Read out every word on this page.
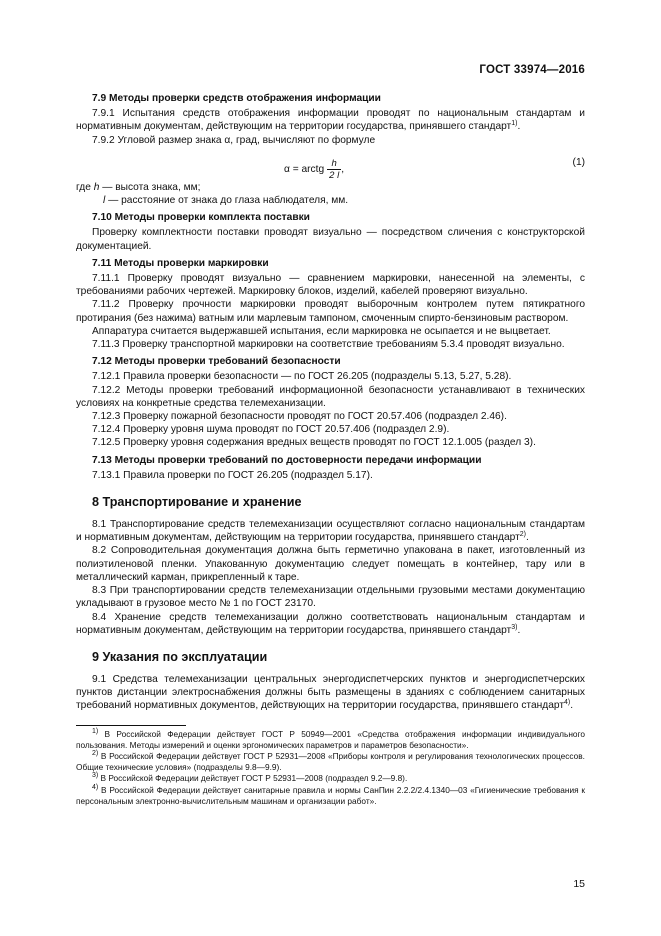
ГОСТ 33974—2016

7.9 Методы проверки средств отображения информации

7.9.1 Испытания средств отображения информации проводят по национальным стандартам и нормативным документам, действующим на территории государства, принявшего стандарт$^{1)}$.

7.9.2 Угловой размер знака α, град, вычисляют по формуле

α = arctg $\frac{h}{2 l}$ ,
(1)

где h — высота знака, мм;

l — расстояние от знака до глаза наблюдателя, мм.

7.10 Методы проверки комплекта поставки

Проверку комплектности поставки проводят визуально — посредством сличения с конструкторской документацией.

7.11 Методы проверки маркировки

7.11.1 Проверку проводят визуально — сравнением маркировки, нанесенной на элементы, с требованиями рабочих чертежей. Маркировку блоков, изделий, кабелей проверяют визуально.

7.11.2 Проверку прочности маркировки проводят выборочным контролем путем пятикратного протирания (без нажима) ватным или марлевым тампоном, смоченным спирто-бензиновым раствором.

Аппаратура считается выдержавшей испытания, если маркировка не осыпается и не выцветает.

7.11.3 Проверку транспортной маркировки на соответствие требованиям 5.3.4 проводят визуально.

7.12 Методы проверки требований безопасности

7.12.1 Правила проверки безопасности — по ГОСТ 26.205 (подразделы 5.13, 5.27, 5.28).

7.12.2 Методы проверки требований информационной безопасности устанавливают в технических условиях на конкретные средства телемеханизации.

7.12.3 Проверку пожарной безопасности проводят по ГОСТ 20.57.406 (подраздел 2.46).

7.12.4 Проверку уровня шума проводят по ГОСТ 20.57.406 (подраздел 2.9).

7.12.5 Проверку уровня содержания вредных веществ проводят по ГОСТ 12.1.005 (раздел 3).

7.13 Методы проверки требований по достоверности передачи информации

7.13.1 Правила проверки по ГОСТ 26.205 (подраздел 5.17).

8 Транспортирование и хранение

8.1 Транспортирование средств телемеханизации осуществляют согласно национальным стандартам и нормативным документам, действующим на территории государства, принявшего стандарт$^{2)}$.

8.2 Сопроводительная документация должна быть герметично упакована в пакет, изготовленный из полиэтиленовой пленки. Упакованную документацию следует помещать в контейнер, тару или в металлический карман, прикрепленный к таре.

8.3 При транспортировании средств телемеханизации отдельными грузовыми местами документацию укладывают в грузовое место № 1 по ГОСТ 23170.

8.4 Хранение средств телемеханизации должно соответствовать национальным стандартам и нормативным документам, действующим на территории государства, принявшего стандарт$^{3)}$.

9 Указания по эксплуатации

9.1 Средства телемеханизации центральных энергодиспетчерских пунктов и энергодиспетчерских пунктов дистанции электроснабжения должны быть размещены в зданиях с соблюдением санитарных требований нормативных документов, действующих на территории государства, принявшего стандарт$^{4)}$.

$^{1)}$ В Российской Федерации действует ГОСТ Р 50949—2001 «Средства отображения информации индивидуального пользования. Методы измерений и оценки эргономических параметров и параметров безопасности».

$^{2)}$ В Российской Федерации действует ГОСТ Р 52931—2008 «Приборы контроля и регулирования технологических процессов. Общие технические условия» (подразделы 9.8—9.9).

$^{3)}$ В Российской Федерации действует ГОСТ Р 52931—2008 (подраздел 9.2—9.8).

$^{4)}$ В Российской Федерации действует санитарные правила и нормы СанПин 2.2.2/2.4.1340—03 «Гигиенические требования к персональным электронно-вычислительным машинам и организации работ».

15
